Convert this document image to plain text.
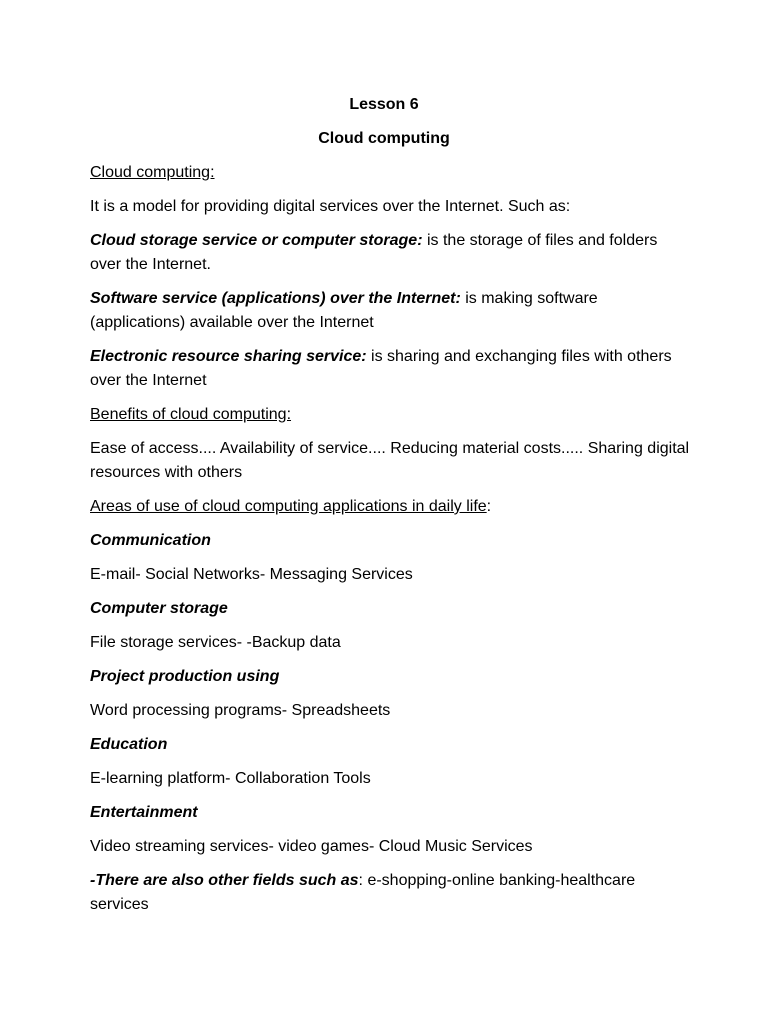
Lesson 6
Cloud computing

Cloud computing:

It is a model for providing digital services over the Internet. Such as:

Cloud storage service or computer storage: is the storage of files and folders over the Internet.

Software service (applications) over the Internet: is making software (applications) available over the Internet

Electronic resource sharing service: is sharing and exchanging files with others over the Internet

Benefits of cloud computing:

Ease of access.... Availability of service.... Reducing material costs..... Sharing digital resources with others

Areas of use of cloud computing applications in daily life:

Communication

E-mail- Social Networks- Messaging Services

Computer storage

File storage services- -Backup data

Project production using

Word processing programs- Spreadsheets

Education

E-learning platform- Collaboration Tools

Entertainment

Video streaming services- video games- Cloud Music Services

-There are also other fields such as: e-shopping-online banking-healthcare services
